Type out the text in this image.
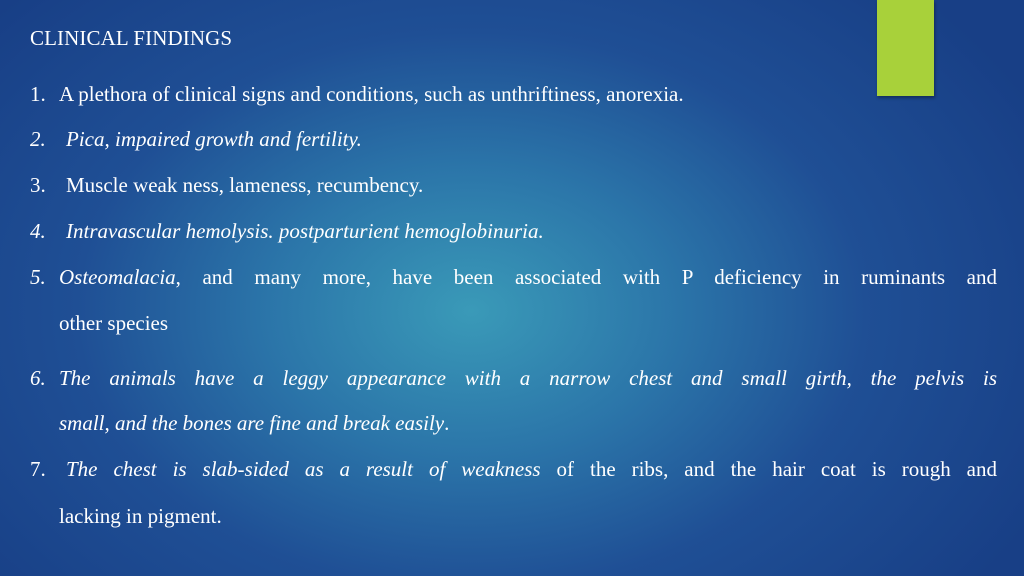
CLINICAL FINDINGS
1. A plethora of clinical signs and conditions, such as unthriftiness, anorexia.
2. Pica, impaired growth and fertility.
3. Muscle weak ness, lameness, recumbency.
4. Intravascular hemolysis. postparturient hemoglobinuria.
5. Osteomalacia, and many more, have been associated with P deficiency in ruminants and
other species
6. The animals have a leggy appearance with a narrow chest and small girth, the pelvis is
small, and the bones are fine and break easily.
7. The chest is slab-sided as a result of weakness of the ribs, and the hair coat is rough and
lacking in pigment.
